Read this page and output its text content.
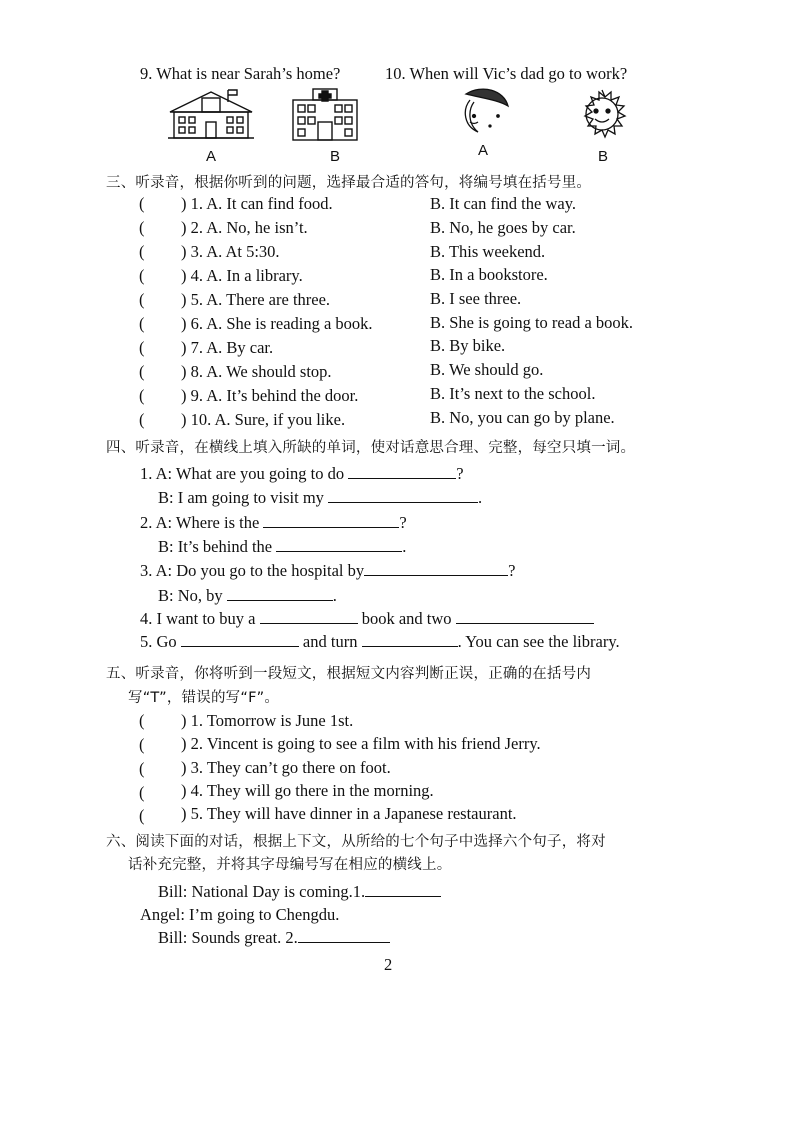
9. What is near Sarah’s home?	10. When will Vic’s dad go to work?
A	B	A	B
三、听录音，根据你听到的问题，选择最合适的答句，将编号填在括号里。
( ) 1. A. It can find food.	B. It can find the way.
( ) 2. A. No, he isn’t.	B. No, he goes by car.
( ) 3. A. At 5:30.	B. This weekend.
( ) 4. A. In a library.	B. In a bookstore.
( ) 5. A. There are three.	B. I see three.
( ) 6. A. She is reading a book.	B. She is going to read a book.
( ) 7. A. By car.	B. By bike.
( ) 8. A. We should stop.	B. We should go.
( ) 9. A. It’s behind the door.	B. It’s next to the school.
( ) 10. A. Sure, if you like.	B. No, you can go by plane.
四、听录音，在横线上填入所缺的单词，使对话意思合理、完整，每空只填一词。
1. A: What are you going to do	?
B: I am going to visit my	.
2. A: Where is the	?
B: It’s behind the	.
3. A: Do you go to the hospital by	?
B: No, by	.
4. I want to buy a	book and two
5. Go	and turn	. You can see the library.
五、听录音，你将听到一段短文，根据短文内容判断正误，正确的在括号内
写“T”，错误的写“F”。
( ) 1. Tomorrow is June 1st.
( ) 2. Vincent is going to see a film with his friend Jerry.
( ) 3. They can’t go there on foot.
( ) 4. They will go there in the morning.
( ) 5. They will have dinner in a Japanese restaurant.
六、阅读下面的对话，根据上下文，从所给的七个句子中选择六个句子，将对
话补充完整，并将其字母编号写在相应的横线上。
Bill: National Day is coming.1.
Angel: I’m going to Chengdu.
Bill: Sounds great. 2.
2
